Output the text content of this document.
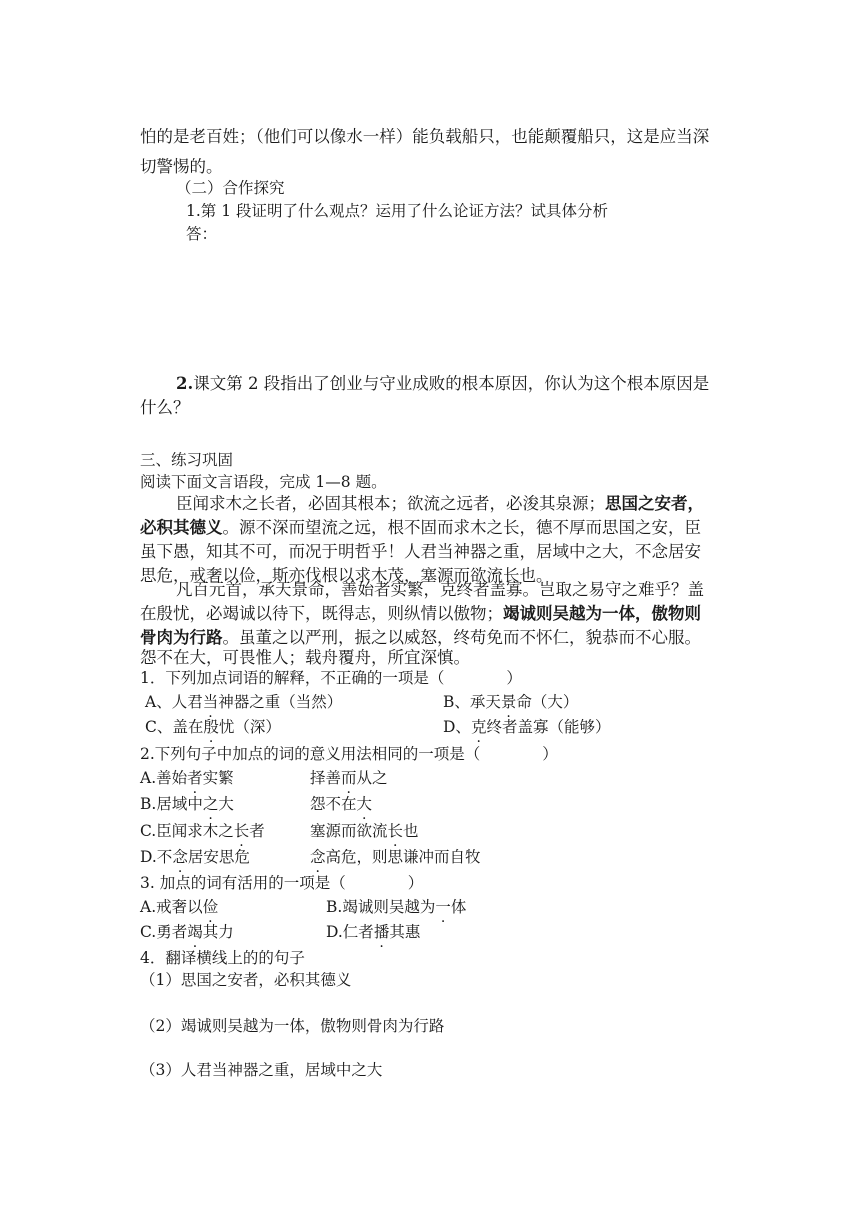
怕的是老百姓；（他们可以像水一样）能负载船只，也能颠覆船只，这是应当深
切警惕的。
（二）合作探究
1.第 1 段证明了什么观点？运用了什么论证方法？试具体分析
答：
2.课文第 2 段指出了创业与守业成败的根本原因，你认为这个根本原因是
什么？
三、练习巩固
阅读下面文言语段，完成 1—8 题。
臣闻求木之长者，必固其根本；欲流之远者，必浚其泉源；思国之安者，
必积其德义。源不深而望流之远，根不固而求木之长，德不厚而思国之安，臣
虽下愚，知其不可，而况于明哲乎！人君当神器之重，居域中之大，不念居安
思危，戒奢以俭，斯亦伐根以求木茂，塞源而欲流长也。
凡百元首，承天景命，善始者实繁，克终者盖寡。岂取之易守之难乎？盖
在殷忧，必竭诚以待下，既得志，则纵情以傲物；竭诚则吴越为一体，傲物则
骨肉为行路。虽董之以严刑，振之以威怒，终苟免而不怀仁，貌恭而不心服。
怨不在大，可畏惟人；载舟覆舟，所宜深慎。
1．下列加点词语的解释，不正确的一项是（　　　　）
A、人君当神器之重（当然）	B、承天景命（大）
C、盖在殷忧（深）	D、克终者盖寡（能够）
2.下列句子中加点的词的意义用法相同的一项是（　　　　）
A.善始者实繁	择善而从之
B.居域中之大	怨不在大
C.臣闻求木之长者	塞源而欲流长也
D.不念居安思危	念高危，则思谦冲而自牧
3. 加点的词有活用的一项是（　　　　）
A.戒奢以俭	B.竭诚则吴越为一体
C.勇者竭其力	D.仁者播其惠
4．翻译横线上的的句子
（1）思国之安者，必积其德义
（2）竭诚则吴越为一体，傲物则骨肉为行路
（3）人君当神器之重，居域中之大
